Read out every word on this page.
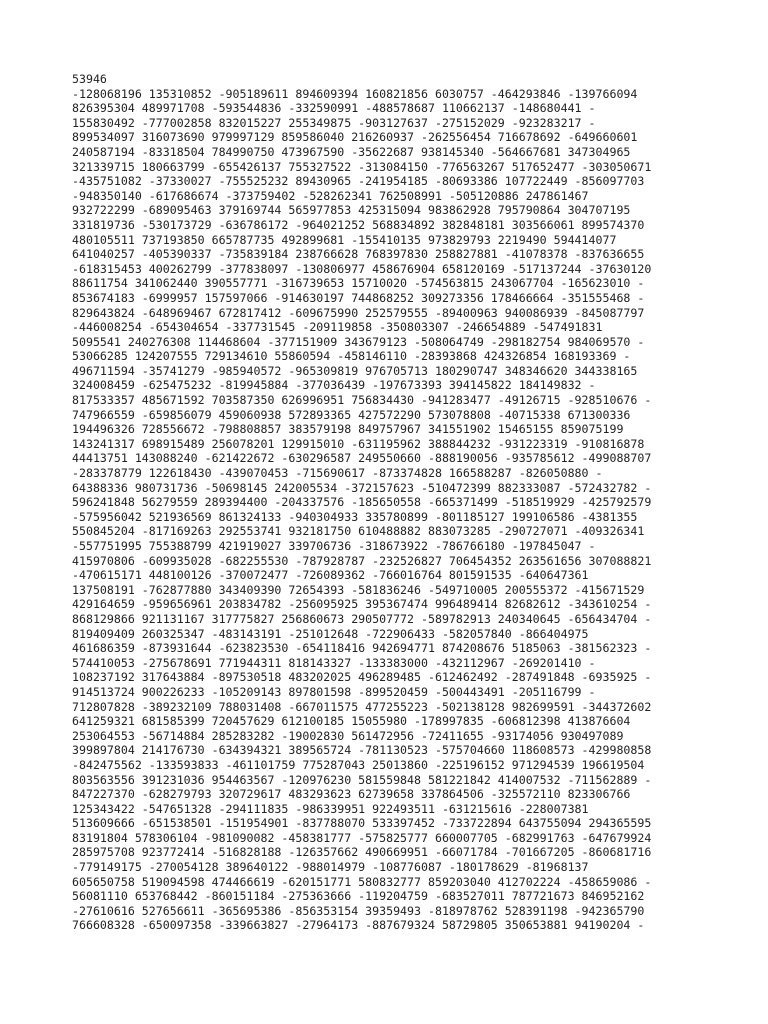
53946
-128068196 135310852 -905189611 894609394 160821856 6030757 -464293846 -139766094
826395304 489971708 -593544836 -332590991 -488578687 110662137 -148680441 -
155830492 -777002858 832015227 255349875 -903127637 -275152029 -923283217 -
899534097 316073690 979997129 859586040 216260937 -262556454 716678692 -649660601
240587194 -83318504 784990750 473967590 -35622687 938145340 -564667681 347304965
321339715 180663799 -655426137 755327522 -313084150 -776563267 517652477 -303050671
-435751082 -37330027 -755525232 89430965 -241954185 -80693386 107722449 -856097703
-948350140 -617686674 -373759402 -528262341 762508991 -505120886 247861467
932722299 -689095463 379169744 565977853 425315094 983862928 795790864 304707195
331819736 -530173729 -636786172 -964021252 568834892 382848181 303566061 899574370
480105511 737193850 665787735 492899681 -155410135 973829793 2219490 594414077
641040257 -405390337 -735839184 238766628 768397830 258827881 -41078378 -837636655
-618315453 400262799 -377838097 -130806977 458676904 658120169 -517137244 -37630120
88611754 341062440 390557771 -316739653 15710020 -574563815 243067704 -165623010 -
853674183 -6999957 157597066 -914630197 744868252 309273356 178466664 -351555468 -
829643824 -648969467 672817412 -609675990 252579555 -89400963 940086939 -845087797
-446008254 -654304654 -337731545 -209119858 -350803307 -246654889 -547491831
5095541 240276308 114468604 -377151909 343679123 -508064749 -298182754 984069570 -
53066285 124207555 729134610 55860594 -458146110 -28393868 424326854 168193369 -
496711594 -35741279 -985940572 -965309819 976705713 180290747 348346620 344338165
324008459 -625475232 -819945884 -377036439 -197673393 394145822 184149832 -
817533357 485671592 703587350 626996951 756834430 -941283477 -49126715 -928510676 -
747966559 -659856079 459060938 572893365 427572290 573078808 -40715338 671300336
194496326 728556672 -798808857 383579198 849757967 341551902 15465155 859075199
143241317 698915489 256078201 129915010 -631195962 388844232 -931223319 -910816878
44413751 143088240 -621422672 -630296587 249550660 -888190056 -935785612 -499088707
-283378779 122618430 -439070453 -715690617 -873374828 166588287 -826050880 -
64388336 980731736 -50698145 242005534 -372157623 -510472399 882333087 -572432782 -
596241848 56279559 289394400 -204337576 -185650558 -665371499 -518519929 -425792579
-575956042 521936569 861324133 -940304933 335780899 -801185127 199106586 -4381355
550845204 -817169263 292553741 932181750 610488882 883073285 -290727071 -409326341
-557751995 755388799 421919027 339706736 -318673922 -786766180 -197845047 -
415970806 -609935028 -682255530 -787928787 -232526827 706454352 263561656 307088821
-470615171 448100126 -370072477 -726089362 -766016764 801591535 -640647361
137508191 -762877880 343409390 72654393 -581836246 -549710005 200555372 -415671529
429164659 -959656961 203834782 -256095925 395367474 996489414 82682612 -343610254 -
868129866 921131167 317775827 256860673 290507772 -589782913 240340645 -656434704 -
819409409 260325347 -483143191 -251012648 -722906433 -582057840 -866404975
461686359 -873931644 -623823530 -654118416 942694771 874208676 5185063 -381562323 -
574410053 -275678691 771944311 818143327 -133383000 -432112967 -269201410 -
108237192 317643884 -897530518 483202025 496289485 -612462492 -287491848 -6935925 -
914513724 900226233 -105209143 897801598 -899520459 -500443491 -205116799 -
712807828 -389232109 788031408 -667011575 477255223 -502138128 982699591 -344372602
641259321 681585399 720457629 612100185 15055980 -178997835 -606812398 413876604
253064553 -56714884 285283282 -19002830 561472956 -72411655 -93174056 930497089
399897804 214176730 -634394321 389565724 -781130523 -575704660 118608573 -429980858
-842475562 -133593833 -461101759 775287043 25013860 -225196152 971294539 196619504
803563556 391231036 954463567 -120976230 581559848 581221842 414007532 -711562889 -
847227370 -628279793 320729617 483293623 62739658 337864506 -325572110 823306766
125343422 -547651328 -294111835 -986339951 922493511 -631215616 -228007381
513609666 -651538501 -151954901 -837788070 533397452 -733722894 643755094 294365595
83191804 578306104 -981090082 -458381777 -575825777 660007705 -682991763 -647679924
285975708 923772414 -516828188 -126357662 490669951 -66071784 -701667205 -860681716
-779149175 -270054128 389640122 -988014979 -108776087 -180178629 -81968137
605650758 519094598 474466619 -620151771 580832777 859203040 412702224 -458659086 -
56081110 653768442 -860151184 -275363666 -119204759 -683527011 787721673 846952162
-27610616 527656611 -365695386 -856353154 39359493 -818978762 528391198 -942365790
766608328 -650097358 -339663827 -27964173 -887679324 58729805 350653881 94190204 -
